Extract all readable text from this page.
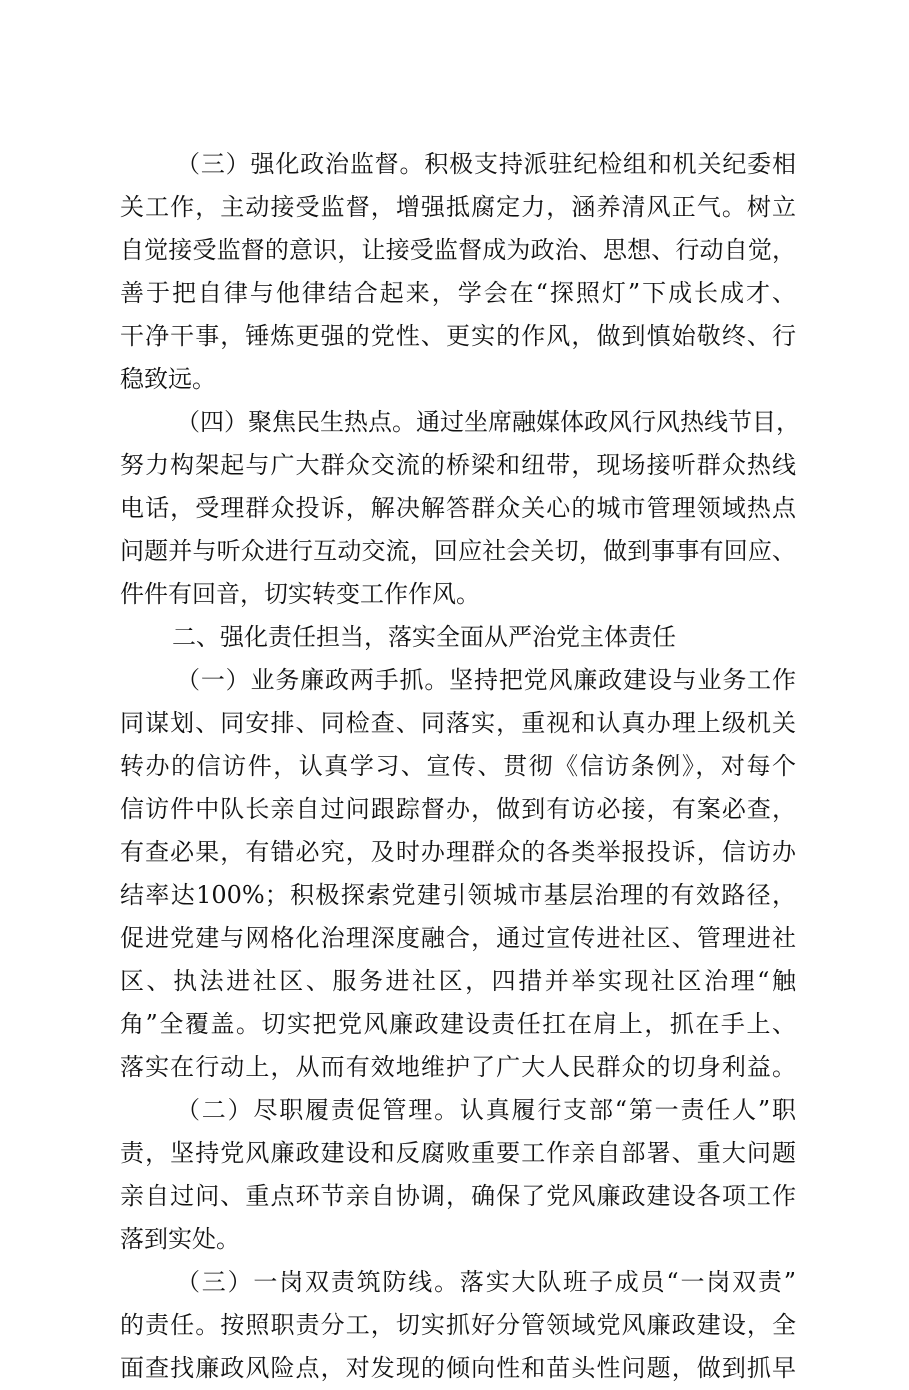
（三）强化政治监督。积极支持派驻纪检组和机关纪委相
关工作，主动接受监督，增强抵腐定力，涵养清风正气。树立
自觉接受监督的意识，让接受监督成为政治、思想、行动自觉，
善于把自律与他律结合起来，学会在“探照灯”下成长成才、
干净干事，锤炼更强的党性、更实的作风，做到慎始敬终、行
稳致远。
（四）聚焦民生热点。通过坐席融媒体政风行风热线节目，
努力构架起与广大群众交流的桥梁和纽带，现场接听群众热线
电话，受理群众投诉，解决解答群众关心的城市管理领域热点
问题并与听众进行互动交流，回应社会关切，做到事事有回应、
件件有回音，切实转变工作作风。
二、强化责任担当，落实全面从严治党主体责任
（一）业务廉政两手抓。坚持把党风廉政建设与业务工作
同谋划、同安排、同检查、同落实，重视和认真办理上级机关
转办的信访件，认真学习、宣传、贯彻《信访条例》，对每个
信访件中队长亲自过问跟踪督办，做到有访必接，有案必查，
有查必果，有错必究，及时办理群众的各类举报投诉，信访办
结率达100%；积极探索党建引领城市基层治理的有效路径，
促进党建与网格化治理深度融合，通过宣传进社区、管理进社
区、执法进社区、服务进社区，四措并举实现社区治理“触
角”全覆盖。切实把党风廉政建设责任扛在肩上，抓在手上、
落实在行动上，从而有效地维护了广大人民群众的切身利益。
（二）尽职履责促管理。认真履行支部“第一责任人”职
责，坚持党风廉政建设和反腐败重要工作亲自部署、重大问题
亲自过问、重点环节亲自协调，确保了党风廉政建设各项工作
落到实处。
（三）一岗双责筑防线。落实大队班子成员“一岗双责”
的责任。按照职责分工，切实抓好分管领域党风廉政建设，全
面查找廉政风险点，对发现的倾向性和苗头性问题，做到抓早
